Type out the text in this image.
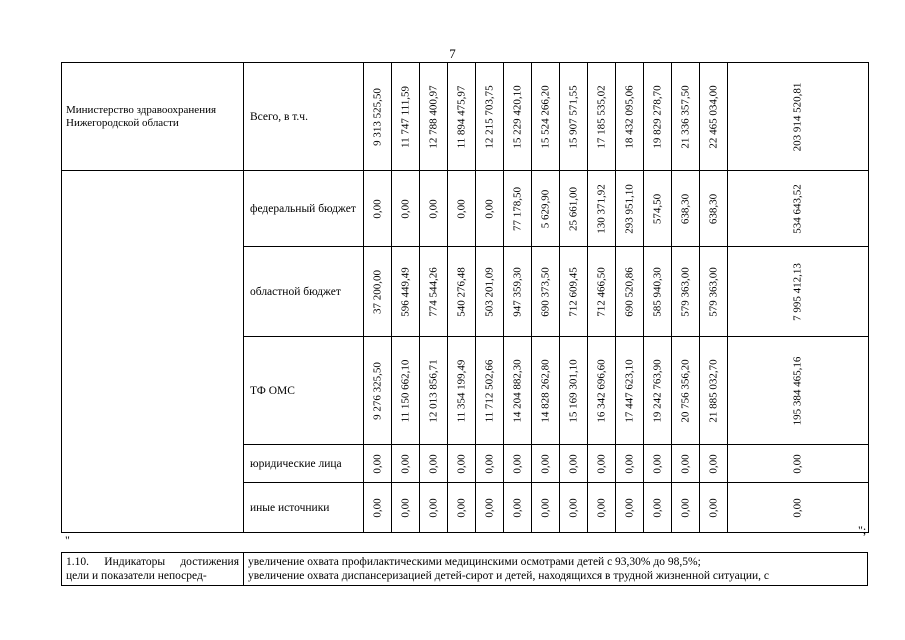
7
Министерство здравоохранения Нижегородской области	Всего, в т.ч.	9 313 525,50	11 747 111,59	12 788 400,97	11 894 475,97	12 215 703,75	15 229 420,10	15 524 266,20	15 907 571,55	17 185 535,02	18 432 095,06	19 829 278,70	21 336 357,50	22 465 034,00	203 914 520,81

	федеральный бюджет	0,00	0,00	0,00	0,00	0,00	77 178,50	5 629,90	25 661,00	130 371,92	293 951,10	574,50	638,30	638,30	534 643,52

	областной бюджет	37 200,00	596 449,49	774 544,26	540 276,48	503 201,09	947 359,30	690 373,50	712 609,45	712 466,50	690 520,86	585 940,30	579 363,00	579 363,00	7 995 412,13

	ТФ ОМС	9 276 325,50	11 150 662,10	12 013 856,71	11 354 199,49	11 712 502,66	14 204 882,30	14 828 262,80	15 169 301,10	16 342 696,60	17 447 623,10	19 242 763,90	20 756 356,20	21 885 032,70	195 384 465,16

	юридические лица	0,00	0,00	0,00	0,00	0,00	0,00	0,00	0,00	0,00	0,00	0,00	0,00	0,00	0,00

	иные источники	0,00	0,00	0,00	0,00	0,00	0,00	0,00	0,00	0,00	0,00	0,00	0,00	0,00	0,00
";
"
1.10. Индикаторы достижения цели и показатели непосред-	
увеличение охвата профилактическими медицинскими осмотрами детей с 93,30% до 98,5%;
увеличение охвата диспансеризацией детей-сирот и детей, находящихся в трудной жизненной ситуации, с
